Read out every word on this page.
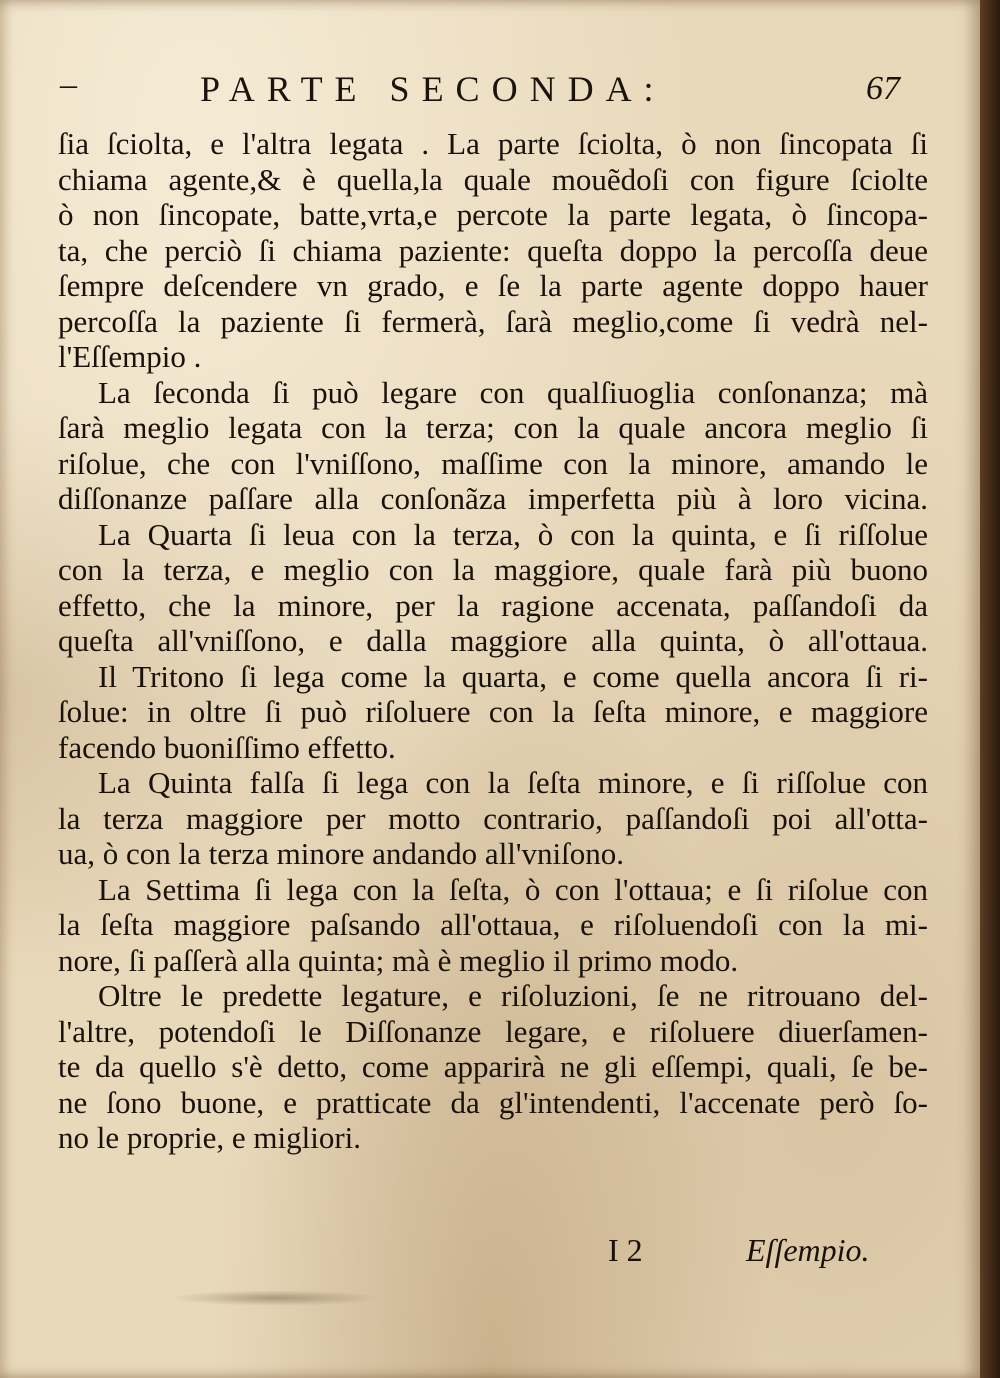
–	PARTE SECONDA:	67
ſia ſciolta, e l'altra legata . La parte ſciolta, ò non ſincopata ſi
chiama agente,& è quella,la quale mouẽdoſi con figure ſciolte
ò non ſincopate, batte,vrta,e percote la parte legata, ò ſincopa-
ta, che perciò ſi chiama paziente: queſta doppo la percoſſa deue
ſempre deſcendere vn grado, e ſe la parte agente doppo hauer
percoſſa la paziente ſi fermerà, ſarà meglio,come ſi vedrà nel-
l'Eſſempio .
La ſeconda ſi può legare con qualſiuoglia conſonanza; mà
ſarà meglio legata con la terza; con la quale ancora meglio ſi
riſolue, che con l'vniſſono, maſſime con la minore, amando le
diſſonanze paſſare alla conſonãza imperfetta più à loro vicina.
La Quarta ſi leua con la terza, ò con la quinta, e ſi riſſolue
con la terza, e meglio con la maggiore, quale farà più buono
effetto, che la minore, per la ragione accenata, paſſandoſi da
queſta all'vniſſono, e dalla maggiore alla quinta, ò all'ottaua.
Il Tritono ſi lega come la quarta, e come quella ancora ſi ri-
ſolue: in oltre ſi può riſoluere con la ſeſta minore, e maggiore
facendo buoniſſimo effetto.
La Quinta falſa ſi lega con la ſeſta minore, e ſi riſſolue con
la terza maggiore per motto contrario, paſſandoſi poi all'otta-
ua, ò con la terza minore andando all'vniſono.
La Settima ſi lega con la ſeſta, ò con l'ottaua; e ſi riſolue con
la ſeſta maggiore paſsando all'ottaua, e riſoluendoſi con la mi-
nore, ſi paſſerà alla quinta; mà è meglio il primo modo.
Oltre le predette legature, e riſoluzioni, ſe ne ritrouano del-
l'altre, potendoſi le Diſſonanze legare, e riſoluere diuerſamen-
te da quello s'è detto, come apparirà ne gli eſſempi, quali, ſe be-
ne ſono buone, e pratticate da gl'intendenti, l'accenate però ſo-
no le proprie, e migliori.
I 2	Eſſempio.
